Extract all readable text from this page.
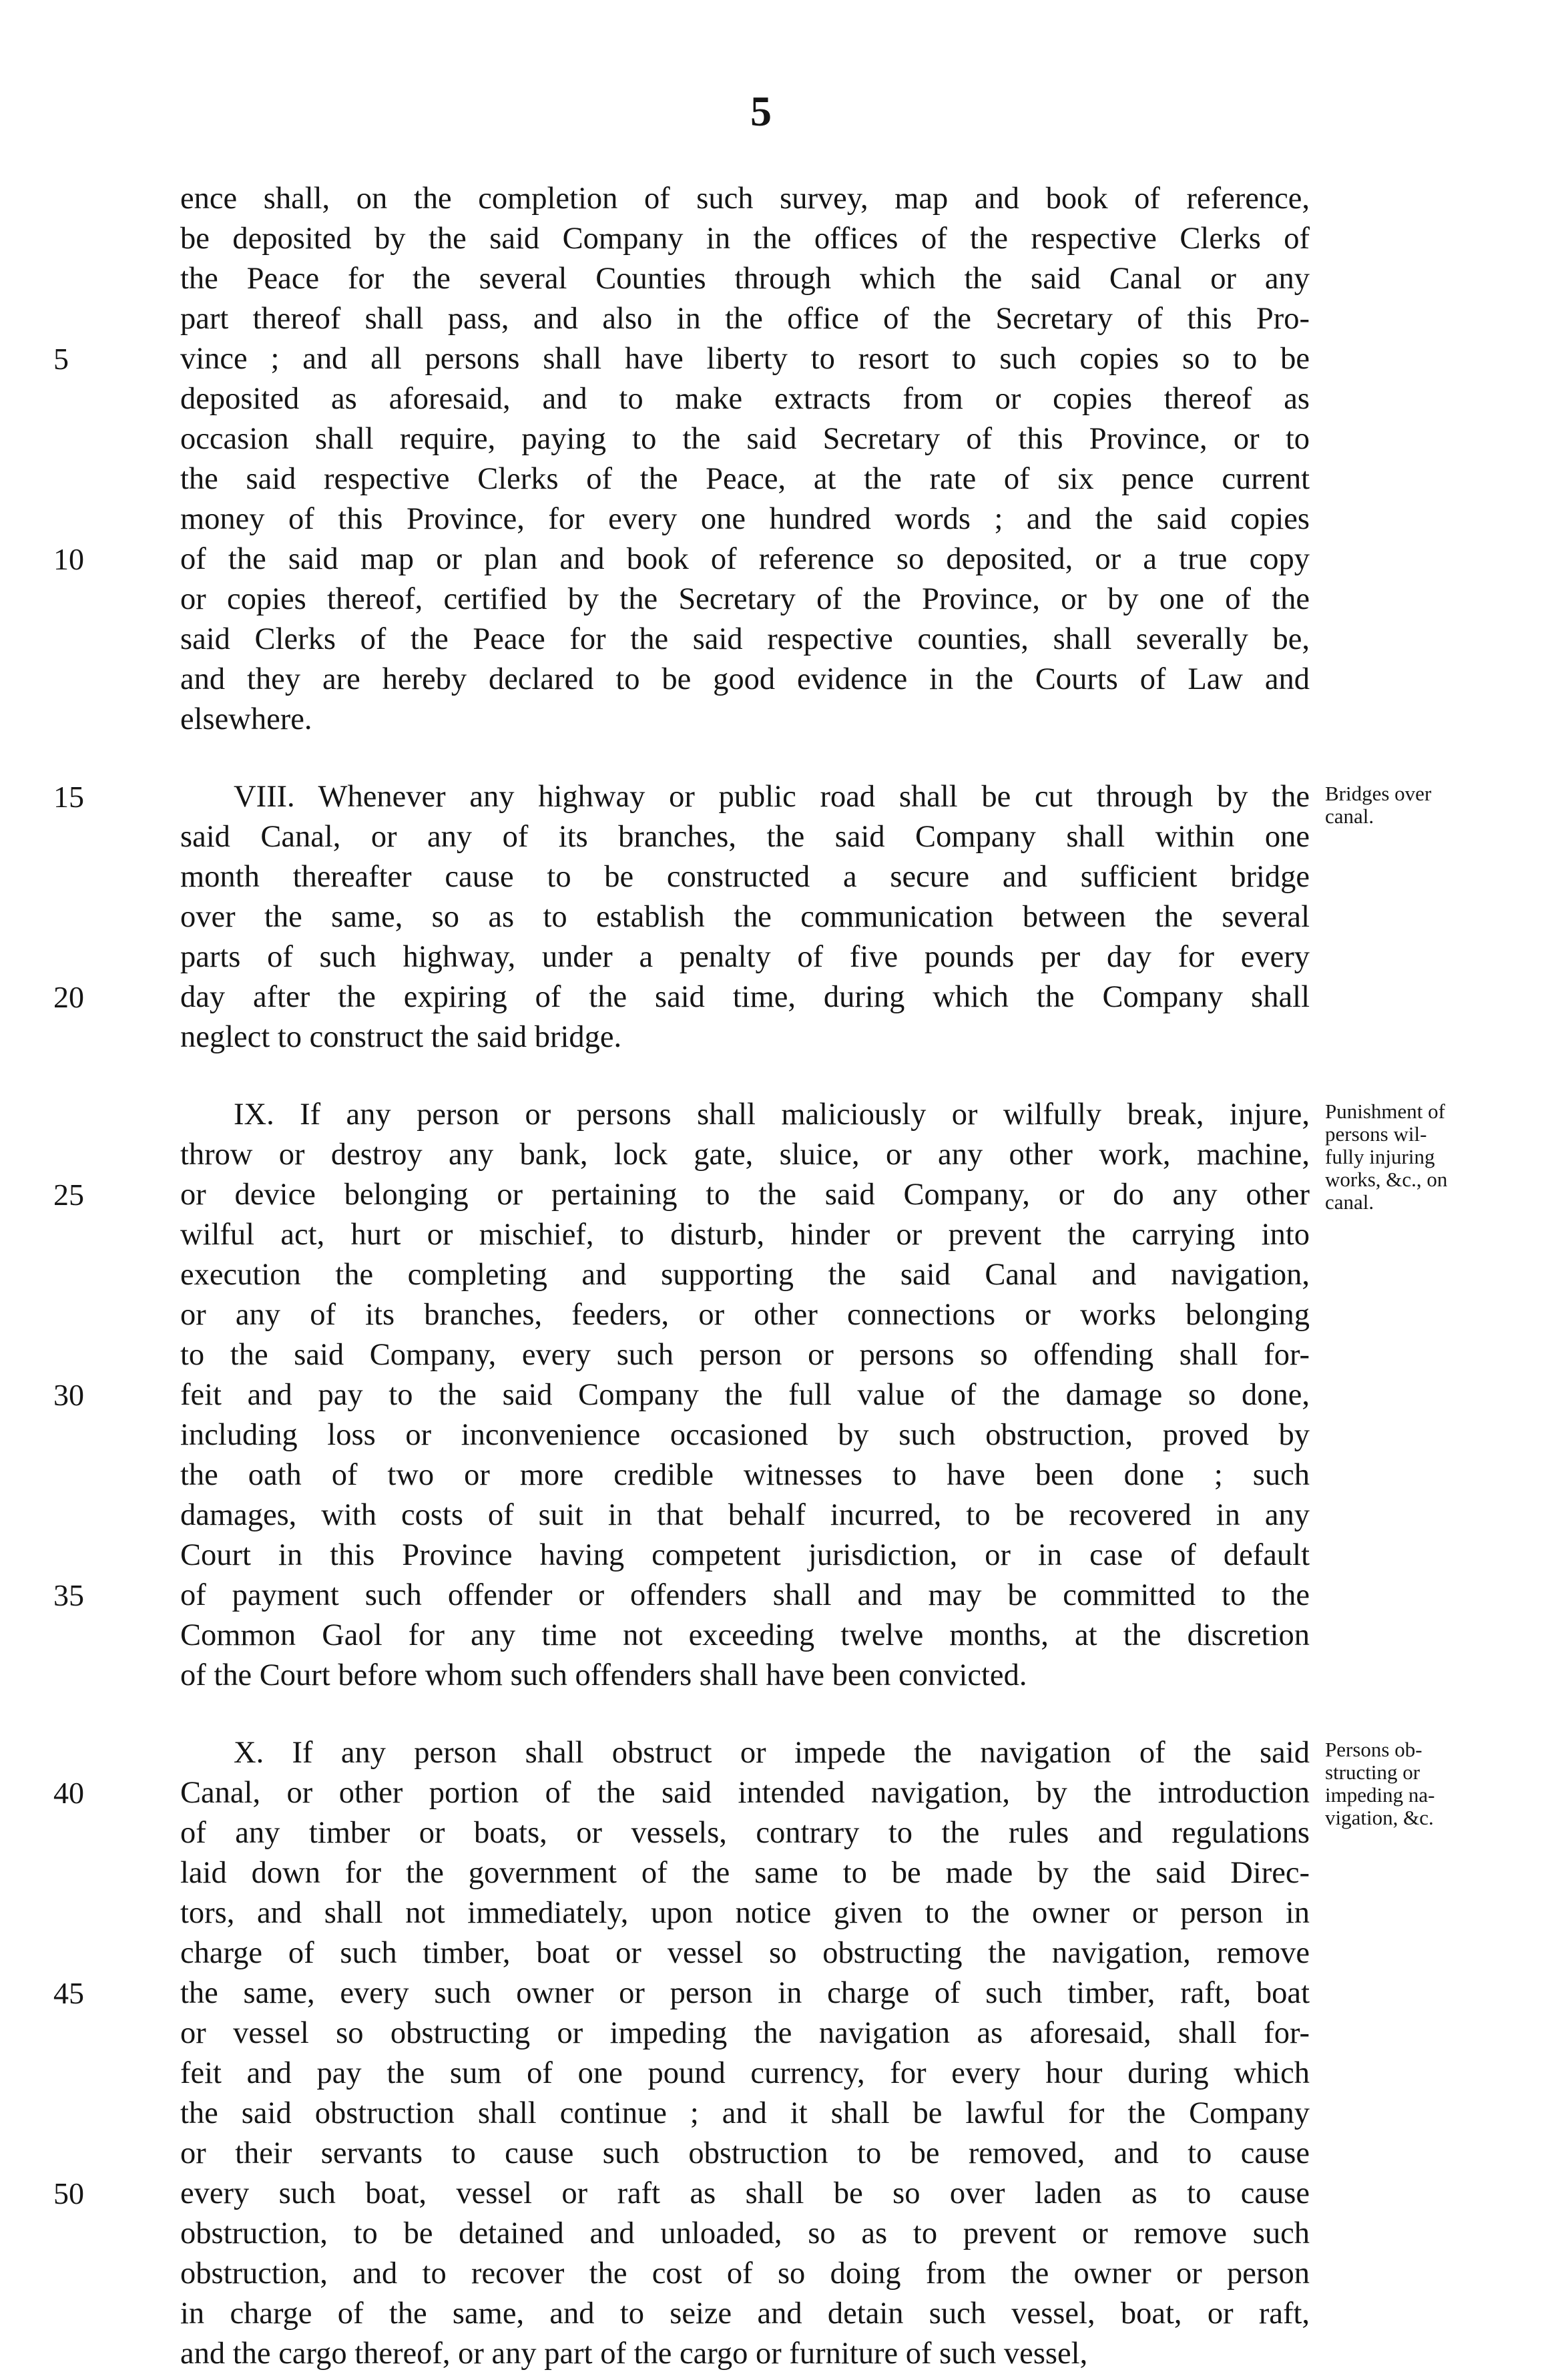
5
ence shall, on the completion of such survey, map and book of reference,
be deposited by the said Company in the offices of the respective Clerks of
the Peace for the several Counties through which the said Canal or any
part thereof shall pass, and also in the office of the Secretary of this Pro-
vince ; and all persons shall have liberty to resort to such copies so to be
deposited as aforesaid, and to make extracts from or copies thereof as
occasion shall require, paying to the said Secretary of this Province, or to
the said respective Clerks of the Peace, at the rate of six pence current
money of this Province, for every one hundred words ; and the said copies
of the said map or plan and book of reference so deposited, or a true copy
or copies thereof, certified by the Secretary of the Province, or by one of the
said Clerks of the Peace for the said respective counties, shall severally be,
and they are hereby declared to be good evidence in the Courts of Law and
elsewhere.
VIII. Whenever any highway or public road shall be cut through by the
said Canal, or any of its branches, the said Company shall within one
month thereafter cause to be constructed a secure and sufficient bridge
over the same, so as to establish the communication between the several
parts of such highway, under a penalty of five pounds per day for every
day after the expiring of the said time, during which the Company shall
neglect to construct the said bridge.
IX. If any person or persons shall maliciously or wilfully break, injure,
throw or destroy any bank, lock gate, sluice, or any other work, machine,
or device belonging or pertaining to the said Company, or do any other
wilful act, hurt or mischief, to disturb, hinder or prevent the carrying into
execution the completing and supporting the said Canal and navigation,
or any of its branches, feeders, or other connections or works belonging
to the said Company, every such person or persons so offending shall for-
feit and pay to the said Company the full value of the damage so done,
including loss or inconvenience occasioned by such obstruction, proved by
the oath of two or more credible witnesses to have been done ; such
damages, with costs of suit in that behalf incurred, to be recovered in any
Court in this Province having competent jurisdiction, or in case of default
of payment such offender or offenders shall and may be committed to the
Common Gaol for any time not exceeding twelve months, at the discretion
of the Court before whom such offenders shall have been convicted.
X. If any person shall obstruct or impede the navigation of the said
Canal, or other portion of the said intended navigation, by the introduction
of any timber or boats, or vessels, contrary to the rules and regulations
laid down for the government of the same to be made by the said Direc-
tors, and shall not immediately, upon notice given to the owner or person in
charge of such timber, boat or vessel so obstructing the navigation, remove
the same, every such owner or person in charge of such timber, raft, boat
or vessel so obstructing or impeding the navigation as aforesaid, shall for-
feit and pay the sum of one pound currency, for every hour during which
the said obstruction shall continue ; and it shall be lawful for the Company
or their servants to cause such obstruction to be removed, and to cause
every such boat, vessel or raft as shall be so over laden as to cause
obstruction, to be detained and unloaded, so as to prevent or remove such
obstruction, and to recover the cost of so doing from the owner or person
in charge of the same, and to seize and detain such vessel, boat, or raft,
and the cargo thereof, or any part of the cargo or furniture of such vessel,
5
10
15
20
25
30
35
40
45
50
Bridges over
canal.
Punishment of
persons wil-
fully injuring
works, &c., on
canal.
Persons ob-
structing or
impeding na-
vigation, &c.
